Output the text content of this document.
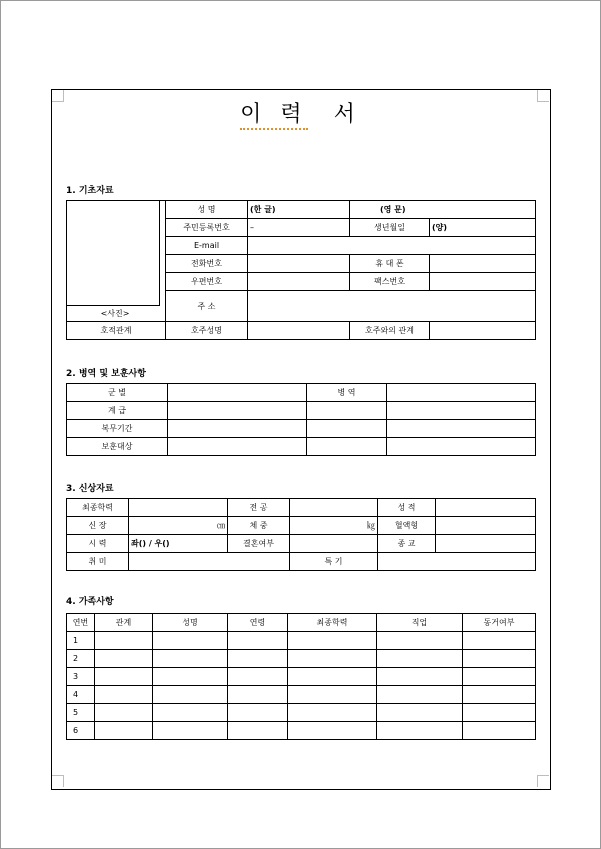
이 력 서
1. 기초자료
<사진>	성 명	(한 글)	(영 문)	
	주민등록번호	–	생년월일	(양)
	E-mail			
	전화번호		휴 대 폰	
	우편번호		팩스번호	
	주 소			
호적관계	호주성명		호주와의 관계	
2. 병역 및 보훈사항
군 별		병 역	
계 급			
복무기간			
보훈대상			
3. 신상자료
최종학력		전 공		성 적	
신 장	㎝	체 중	㎏	혈액형	
시 력	좌() / 우()	결혼여부		종 교	
취 미			특 기		
4. 가족사항
연번	관계	성명	연령	최종학력	직업	동거여부
1						
2						
3						
4						
5						
6						
